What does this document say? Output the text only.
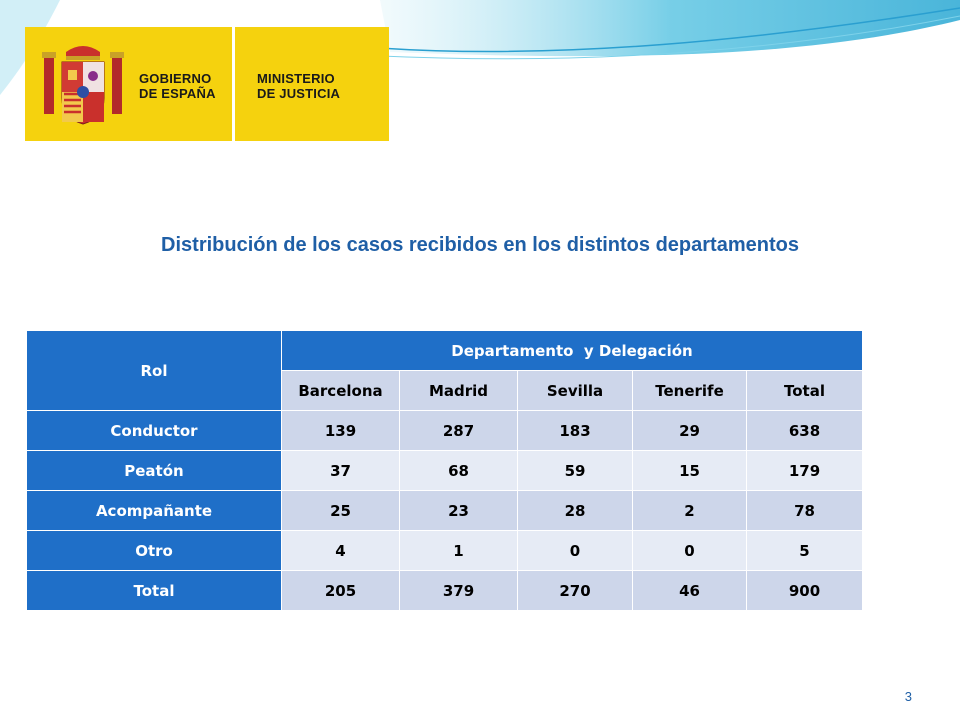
GOBIERNO
DE ESPAÑA
MINISTERIO
DE JUSTICIA
Distribución de los casos recibidos en los distintos departamentos
Rol	Departamento  y Delegación				
	Barcelona	Madrid	Sevilla	Tenerife	Total
Conductor	139	287	183	29	638
Peatón	37	68	59	15	179
Acompañante	25	23	28	2	78
Otro	4	1	0	0	5
Total	205	379	270	46	900
3
